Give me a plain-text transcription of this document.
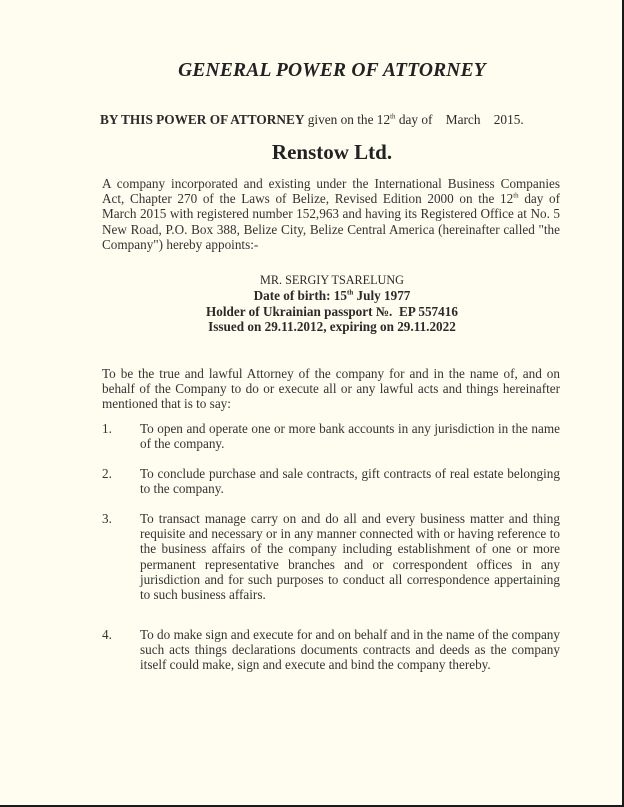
GENERAL POWER OF ATTORNEY
BY THIS POWER OF ATTORNEY given on the 12th day of    March    2015.
Renstow Ltd.
A company incorporated and existing under the International Business Companies Act, Chapter 270 of the Laws of Belize, Revised Edition 2000 on the 12th day of March 2015 with registered number 152,963 and having its Registered Office at No. 5 New Road, P.O. Box 388, Belize City, Belize Central America (hereinafter called "the Company") hereby appoints:-
MR. SERGIY TSARELUNG
Date of birth: 15th July 1977
Holder of Ukrainian passport №.  EP 557416
Issued on 29.11.2012, expiring on 29.11.2022
To be the true and lawful Attorney of the company for and in the name of, and on behalf of the Company to do or execute all or any lawful acts and things hereinafter mentioned that is to say:
1.	To open and operate one or more bank accounts in any jurisdiction in the name of the company.
2.	To conclude purchase and sale contracts, gift contracts of real estate belonging to the company.
3.	To transact manage carry on and do all and every business matter and thing requisite and necessary or in any manner connected with or having reference to the business affairs of the company including establishment of one or more permanent representative branches and or correspondent offices in any jurisdiction and for such purposes to conduct all correspondence appertaining to such business affairs.
4.	To do make sign and execute for and on behalf and in the name of the company such acts things declarations documents contracts and deeds as the company itself could make, sign and execute and bind the company thereby.
